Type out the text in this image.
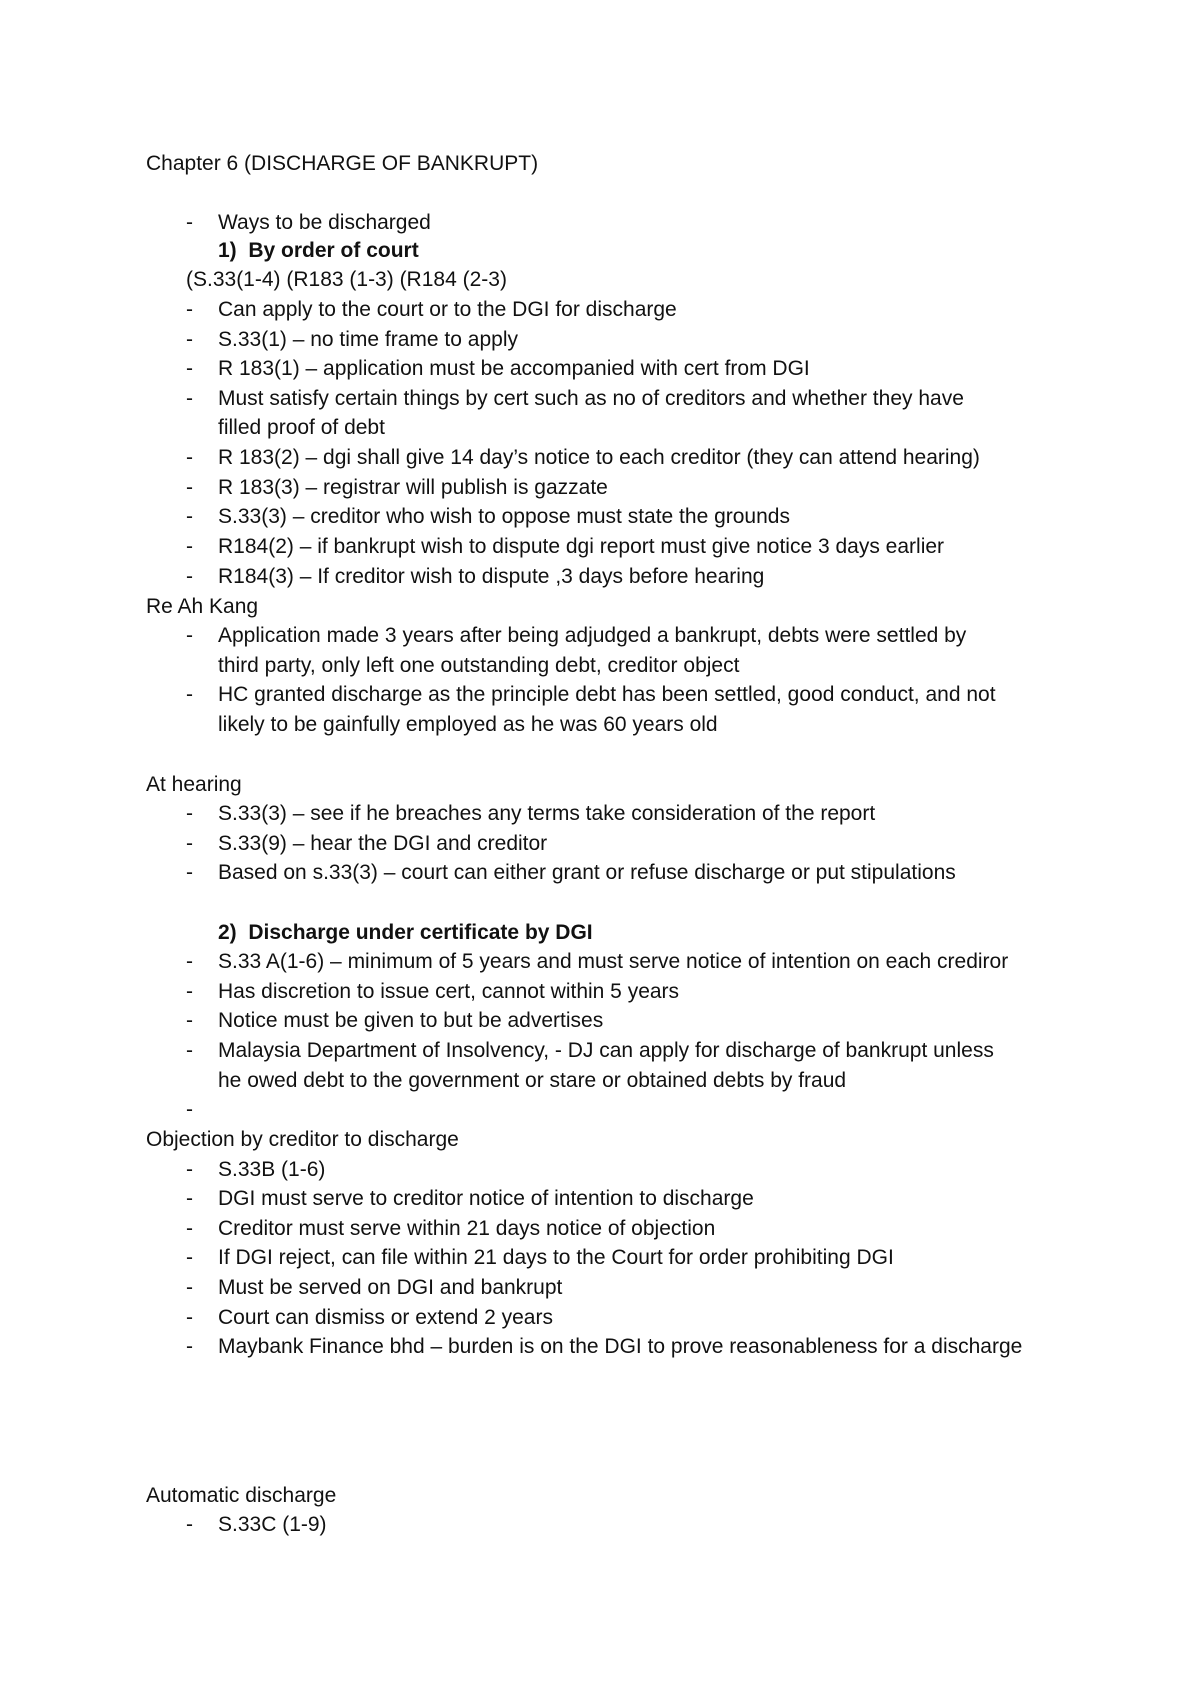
Chapter 6 (DISCHARGE OF BANKRUPT)
- Ways to be discharged
1)  By order of court
(S.33(1-4) (R183 (1-3) (R184 (2-3)
- Can apply to the court or to the DGI for discharge
- S.33(1) – no time frame to apply
- R 183(1) – application must be accompanied with cert from DGI
- Must satisfy certain things by cert such as no of creditors and whether they have
filled proof of debt
- R 183(2) – dgi shall give 14 day’s notice to each creditor (they can attend hearing)
- R 183(3) – registrar will publish is gazzate
- S.33(3) – creditor who wish to oppose must state the grounds
- R184(2) – if bankrupt wish to dispute dgi report must give notice 3 days earlier
- R184(3) – If creditor wish to dispute ,3 days before hearing
Re Ah Kang
- Application made 3 years after being adjudged a bankrupt, debts were settled by
third party, only left one outstanding debt, creditor object
- HC granted discharge as the principle debt has been settled, good conduct, and not
likely to be gainfully employed as he was 60 years old
At hearing
- S.33(3) – see if he breaches any terms take consideration of the report
- S.33(9) – hear the DGI and creditor
- Based on s.33(3) – court can either grant or refuse discharge or put stipulations
2)  Discharge under certificate by DGI
- S.33 A(1-6) – minimum of 5 years and must serve notice of intention on each crediror
- Has discretion to issue cert, cannot within 5 years
- Notice must be given to but be advertises
- Malaysia Department of Insolvency, - DJ can apply for discharge of bankrupt unless
he owed debt to the government or stare or obtained debts by fraud
-
Objection by creditor to discharge
- S.33B (1-6)
- DGI must serve to creditor notice of intention to discharge
- Creditor must serve within 21 days notice of objection
- If DGI reject, can file within 21 days to the Court for order prohibiting DGI
- Must be served on DGI and bankrupt
- Court can dismiss or extend 2 years
- Maybank Finance bhd – burden is on the DGI to prove reasonableness for a discharge
Automatic discharge
- S.33C (1-9)
